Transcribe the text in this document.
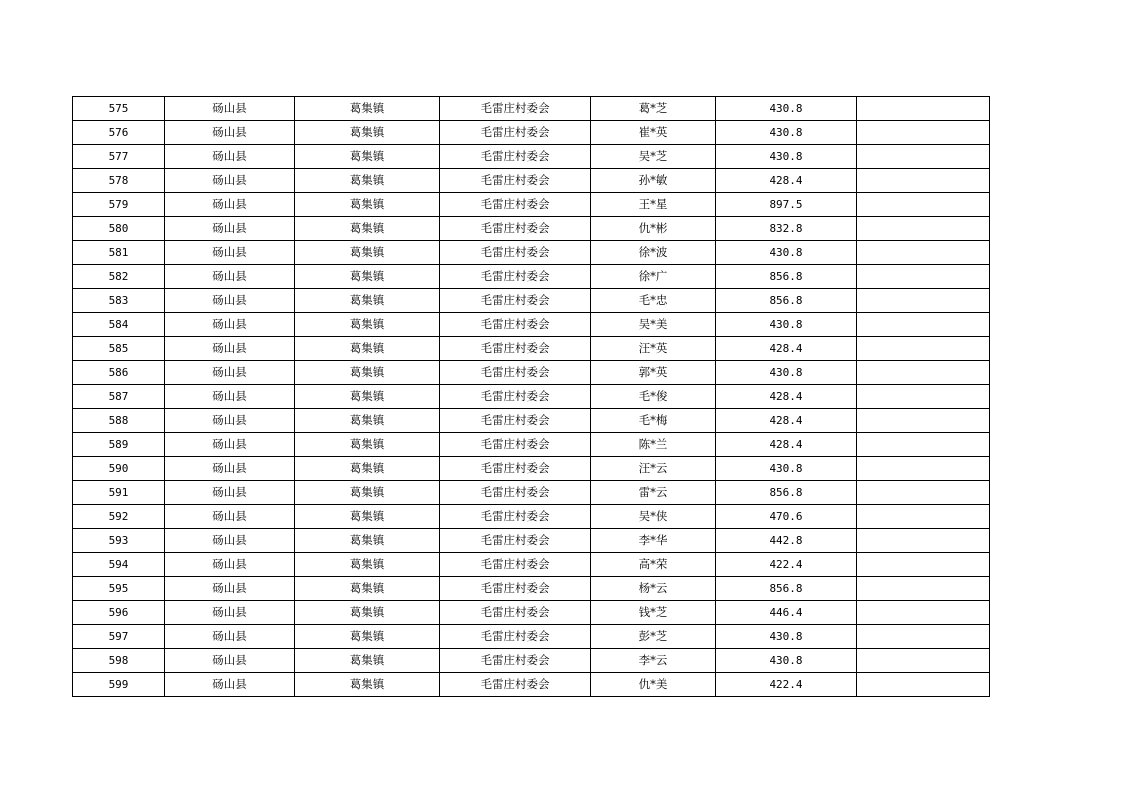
575	砀山县	葛集镇	毛雷庄村委会	葛*芝	430.8	
576	砀山县	葛集镇	毛雷庄村委会	崔*英	430.8	
577	砀山县	葛集镇	毛雷庄村委会	吴*芝	430.8	
578	砀山县	葛集镇	毛雷庄村委会	孙*敏	428.4	
579	砀山县	葛集镇	毛雷庄村委会	王*星	897.5	
580	砀山县	葛集镇	毛雷庄村委会	仇*彬	832.8	
581	砀山县	葛集镇	毛雷庄村委会	徐*波	430.8	
582	砀山县	葛集镇	毛雷庄村委会	徐*广	856.8	
583	砀山县	葛集镇	毛雷庄村委会	毛*忠	856.8	
584	砀山县	葛集镇	毛雷庄村委会	吴*美	430.8	
585	砀山县	葛集镇	毛雷庄村委会	汪*英	428.4	
586	砀山县	葛集镇	毛雷庄村委会	郭*英	430.8	
587	砀山县	葛集镇	毛雷庄村委会	毛*俊	428.4	
588	砀山县	葛集镇	毛雷庄村委会	毛*梅	428.4	
589	砀山县	葛集镇	毛雷庄村委会	陈*兰	428.4	
590	砀山县	葛集镇	毛雷庄村委会	汪*云	430.8	
591	砀山县	葛集镇	毛雷庄村委会	雷*云	856.8	
592	砀山县	葛集镇	毛雷庄村委会	吴*侠	470.6	
593	砀山县	葛集镇	毛雷庄村委会	李*华	442.8	
594	砀山县	葛集镇	毛雷庄村委会	高*荣	422.4	
595	砀山县	葛集镇	毛雷庄村委会	杨*云	856.8	
596	砀山县	葛集镇	毛雷庄村委会	钱*芝	446.4	
597	砀山县	葛集镇	毛雷庄村委会	彭*芝	430.8	
598	砀山县	葛集镇	毛雷庄村委会	李*云	430.8	
599	砀山县	葛集镇	毛雷庄村委会	仇*美	422.4	
